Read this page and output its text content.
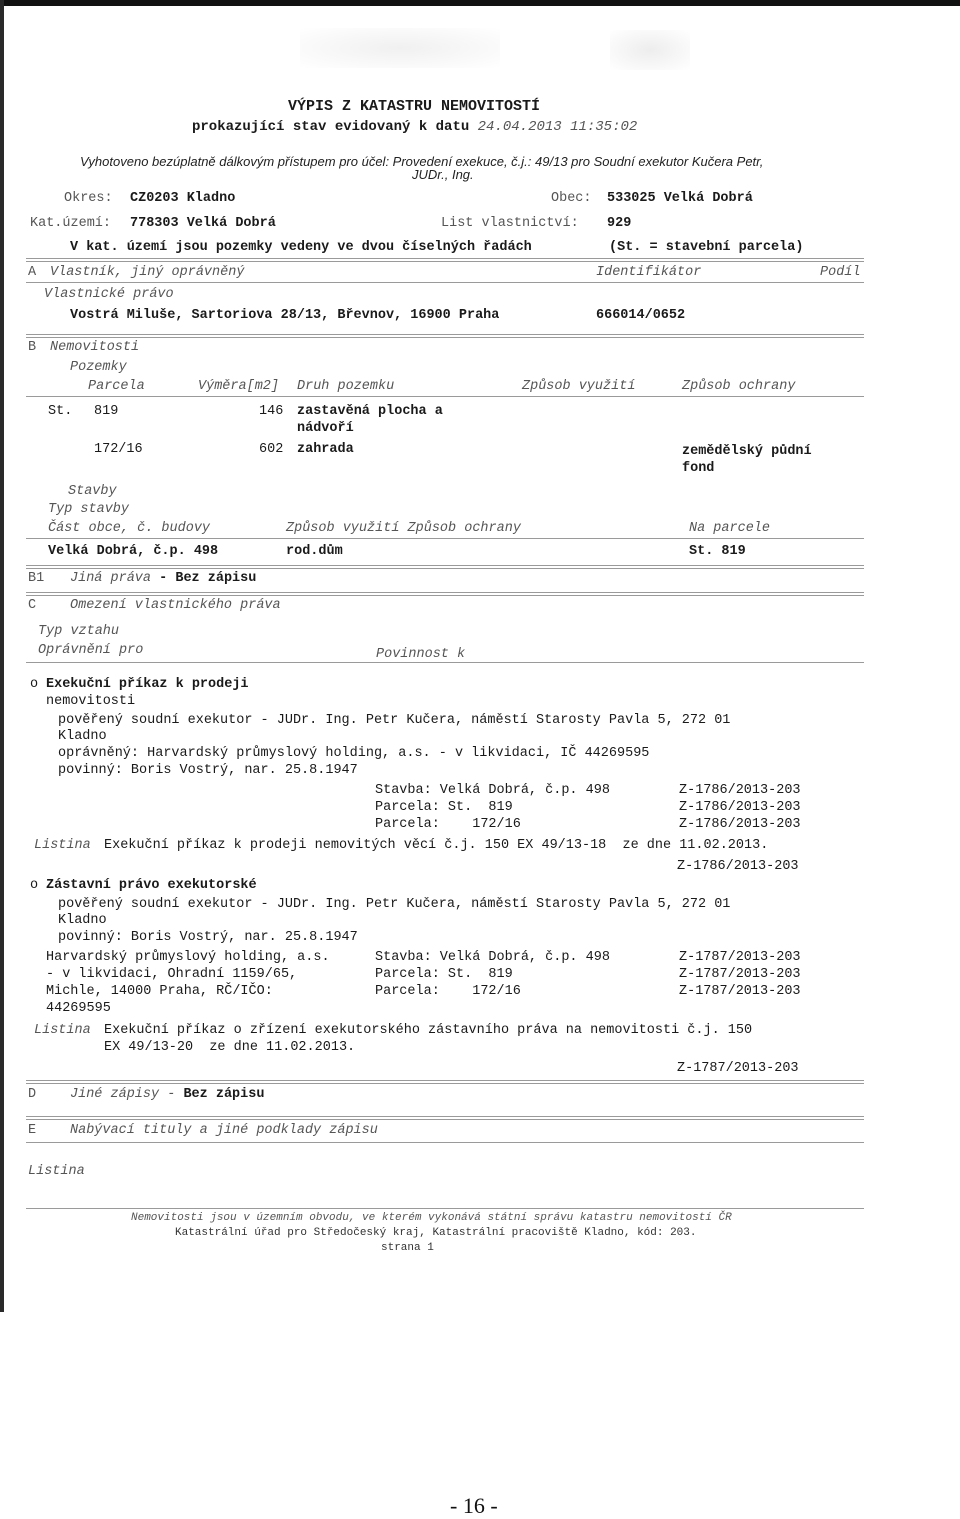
VÝPIS Z KATASTRU NEMOVITOSTÍ
prokazující stav evidovaný k datu 24.04.2013 11:35:02
Vyhotoveno bezúplatně dálkovým přístupem pro účel: Provedení exekuce, č.j.: 49/13 pro Soudní exekutor Kučera Petr,
JUDr., Ing.
Okres: CZ0203 Kladno	Obec: 533025 Velká Dobrá
Kat.území: 778303 Velká Dobrá	List vlastnictví: 929
V kat. území jsou pozemky vedeny ve dvou číselných řadách	(St. = stavební parcela)
A Vlastník, jiný oprávněný	Identifikátor	Podíl
Vlastnické právo
Vostrá Miluše, Sartoriova 28/13, Břevnov, 16900 Praha	666014/0652
B Nemovitosti
Pozemky
Parcela	Výměra[m2] Druh pozemku	Způsob využití	Způsob ochrany
St. 819	146 zastavěná plocha a
nádvoří
172/16	602 zahrada	zemědělský půdní
fond
Stavby
Typ stavby
Část obce, č. budovy	Způsob využití Způsob ochrany	Na parcele
Velká Dobrá, č.p. 498	rod.dům	St. 819
B1 Jiná práva - Bez zápisu
C	Omezení vlastnického práva
Typ vztahu
Oprávnění pro	Povinnost k
o Exekuční příkaz k prodeji
nemovitosti
pověřený soudní exekutor - JUDr. Ing. Petr Kučera, náměstí Starosty Pavla 5, 272 01
Kladno
oprávněný: Harvardský průmyslový holding, a.s. - v likvidaci, IČ 44269595
povinný: Boris Vostrý, nar. 25.8.1947
Stavba: Velká Dobrá, č.p. 498	Z-1786/2013-203
Parcela: St.  819	Z-1786/2013-203
Parcela:    172/16	Z-1786/2013-203
Listina Exekuční příkaz k prodeji nemovitých věcí č.j. 150 EX 49/13-18  ze dne 11.02.2013.
Z-1786/2013-203
o Zástavní právo exekutorské
pověřený soudní exekutor - JUDr. Ing. Petr Kučera, náměstí Starosty Pavla 5, 272 01
Kladno
povinný: Boris Vostrý, nar. 25.8.1947
Harvardský průmyslový holding, a.s.
- v likvidaci, Ohradní 1159/65,
Michle, 14000 Praha, RČ/IČO:
44269595
Stavba: Velká Dobrá, č.p. 498	Z-1787/2013-203
Parcela: St.  819	Z-1787/2013-203
Parcela:    172/16	Z-1787/2013-203
Listina Exekuční příkaz o zřízení exekutorského zástavního práva na nemovitosti č.j. 150
EX 49/13-20  ze dne 11.02.2013.
Z-1787/2013-203
D	Jiné zápisy - Bez zápisu
E	Nabývací tituly a jiné podklady zápisu
Listina
Nemovitosti jsou v územním obvodu, ve kterém vykonává státní správu katastru nemovitostí ČR
Katastrální úřad pro Středočeský kraj, Katastrální pracoviště Kladno, kód: 203.
strana 1
- 16 -
